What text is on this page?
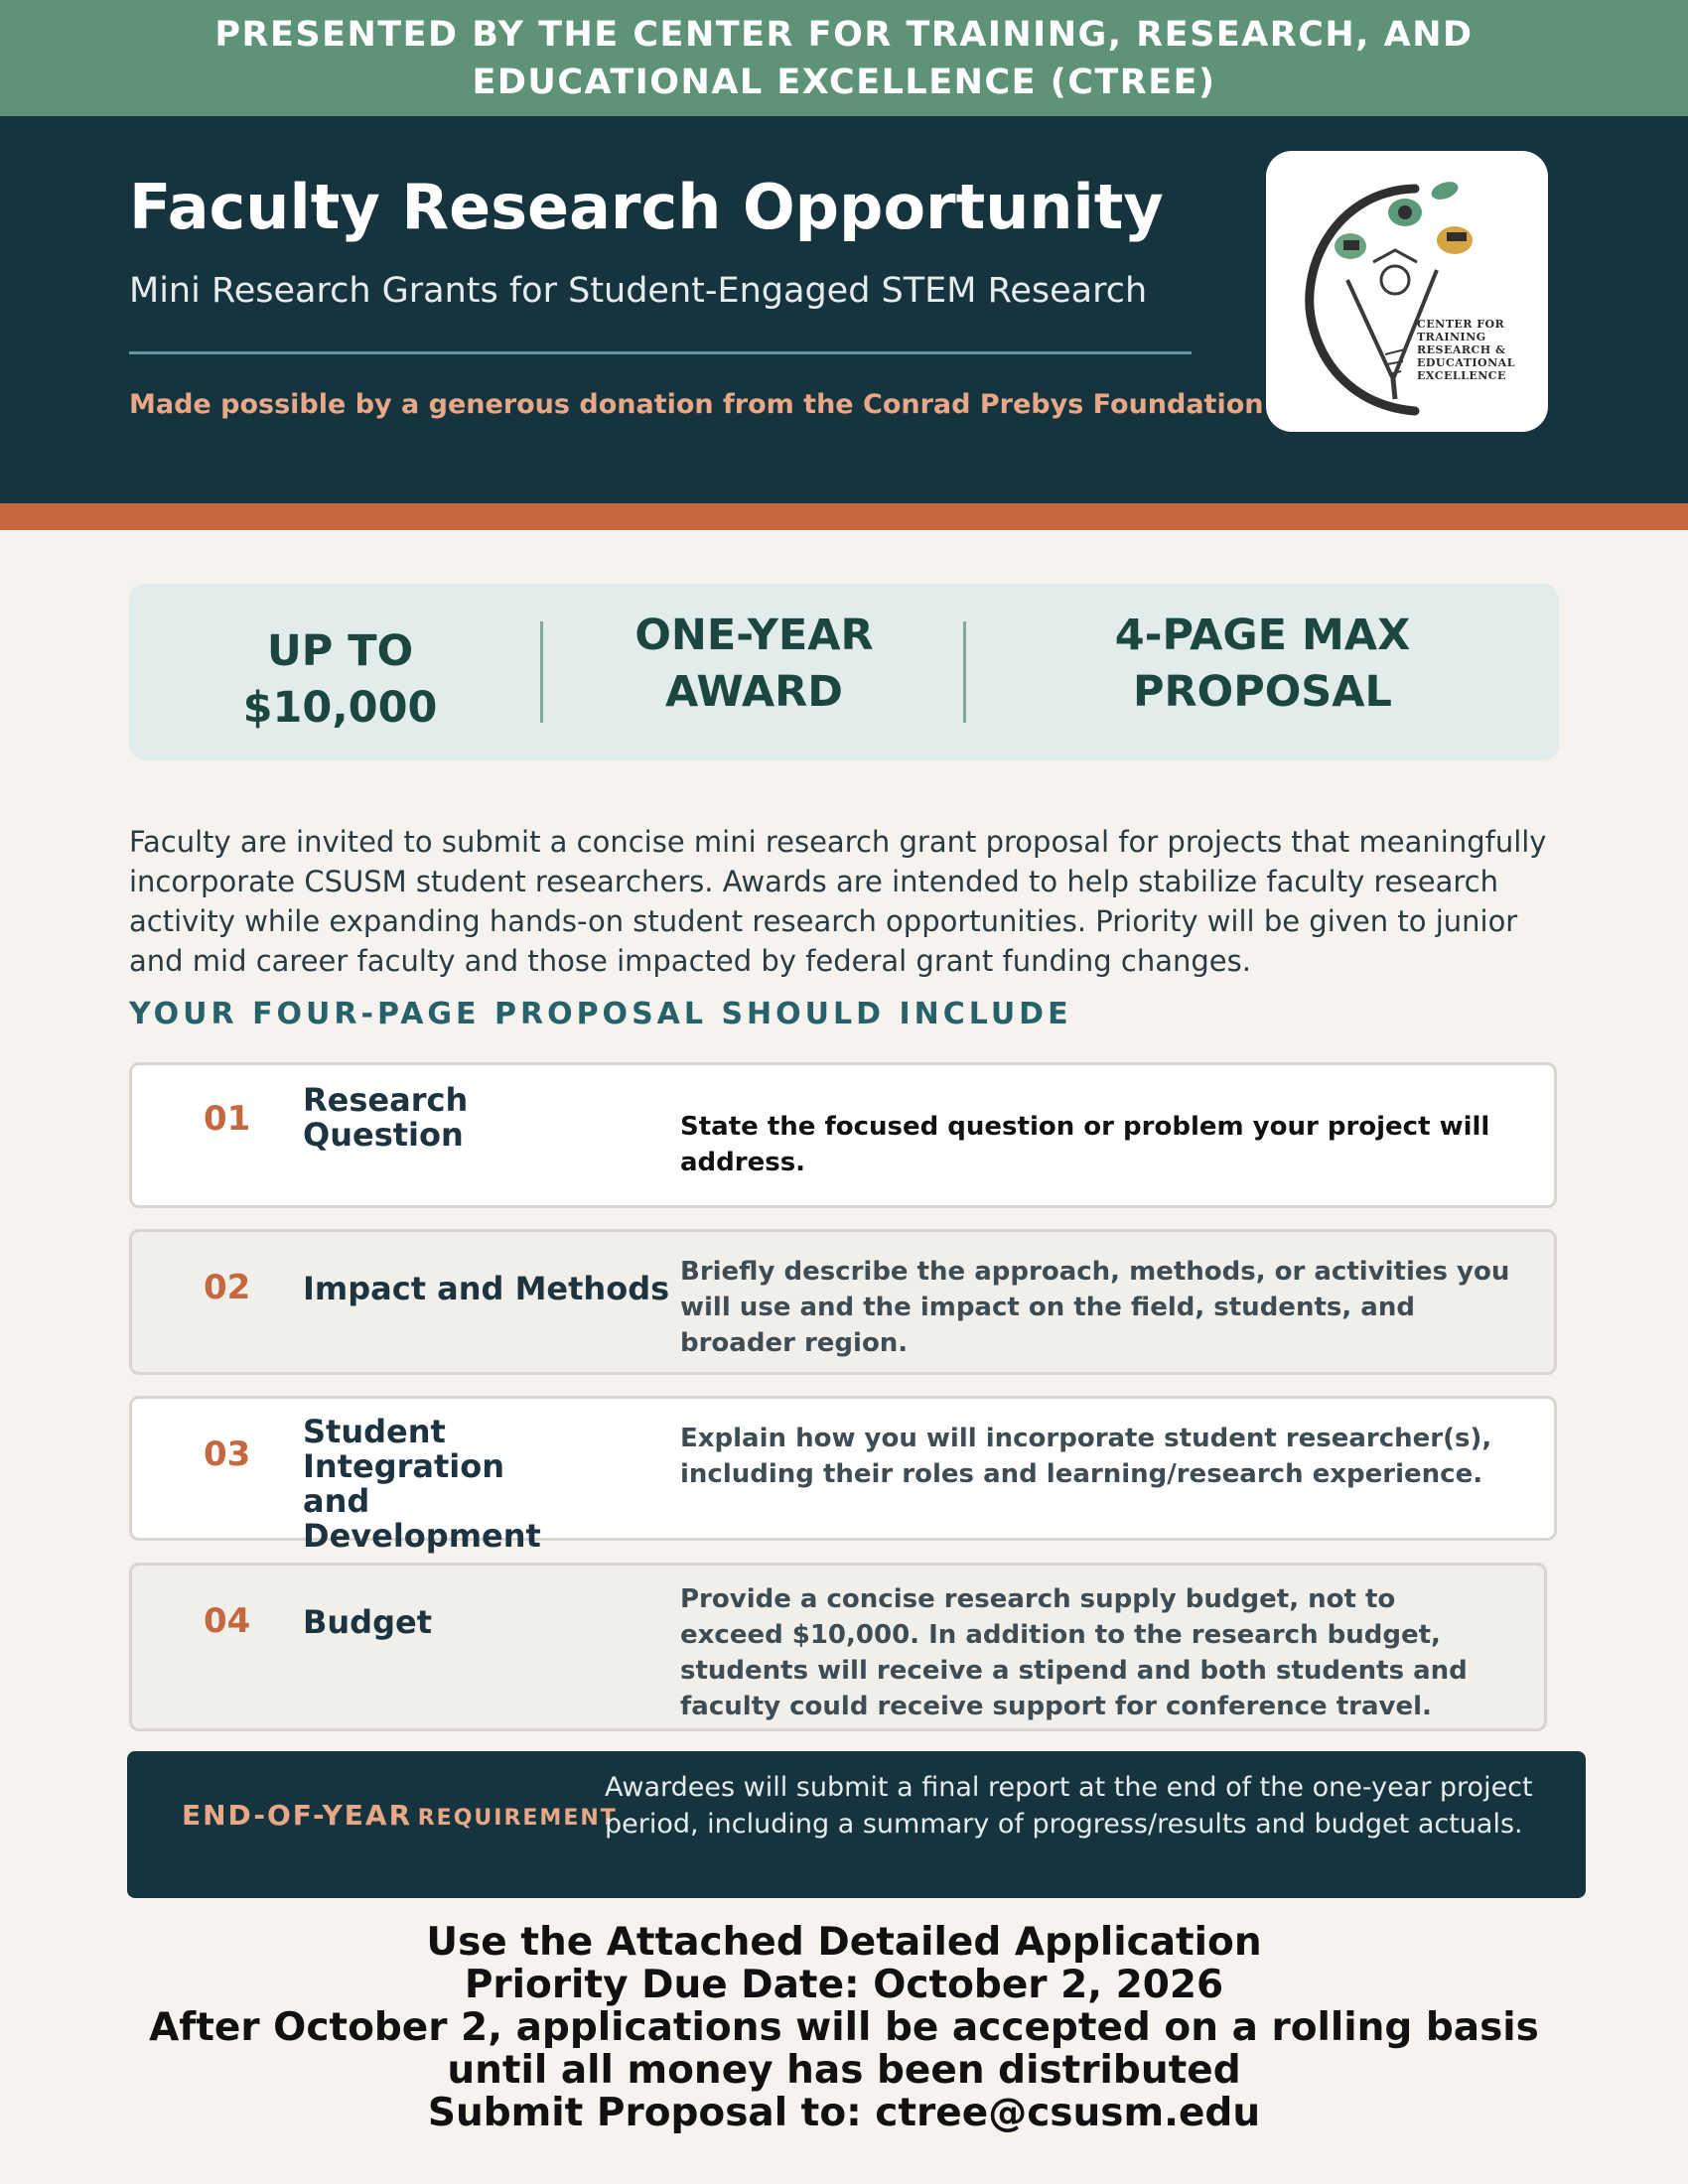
PRESENTED BY THE CENTER FOR TRAINING, RESEARCH, AND EDUCATIONAL EXCELLENCE (CTREE)
Faculty Research Opportunity
Mini Research Grants for Student-Engaged STEM Research
Made possible by a generous donation from the Conrad Prebys Foundation
CENTER FOR
TRAINING
RESEARCH &
EDUCATIONAL
EXCELLENCE
UP TO
$10,000
ONE-YEAR
AWARD
4-PAGE MAX
PROPOSAL

Faculty are invited to submit a concise mini research grant proposal for projects that meaningfully incorporate CSUSM student researchers. Awards are intended to help stabilize faculty research activity while expanding hands-on student research opportunities. Priority will be given to junior and mid career faculty and those impacted by federal grant funding changes.

YOUR FOUR-PAGE PROPOSAL SHOULD INCLUDE
01 Research Question	State the focused question or problem your project will address.
02 Impact and Methods Briefly describe the approach, methods, or activities you will use and the impact on the field, students, and broader region.
03
Student Integration and Development
Explain how you will incorporate student researcher(s), including their roles and learning/research experience.
04 Budget
Provide a concise research supply budget, not to exceed $10,000. In addition to the research budget, students will receive a stipend and both students and faculty could receive support for conference travel.
END-OF-YEAR REQUIREMENT
Awardees will submit a final report at the end of the one-year project period, including a summary of progress/results and budget actuals.
Use the Attached Detailed Application
Priority Due Date: October 2, 2026
After October 2, applications will be accepted on a rolling basis until all money has been distributed
Submit Proposal to: ctree@csusm.edu
